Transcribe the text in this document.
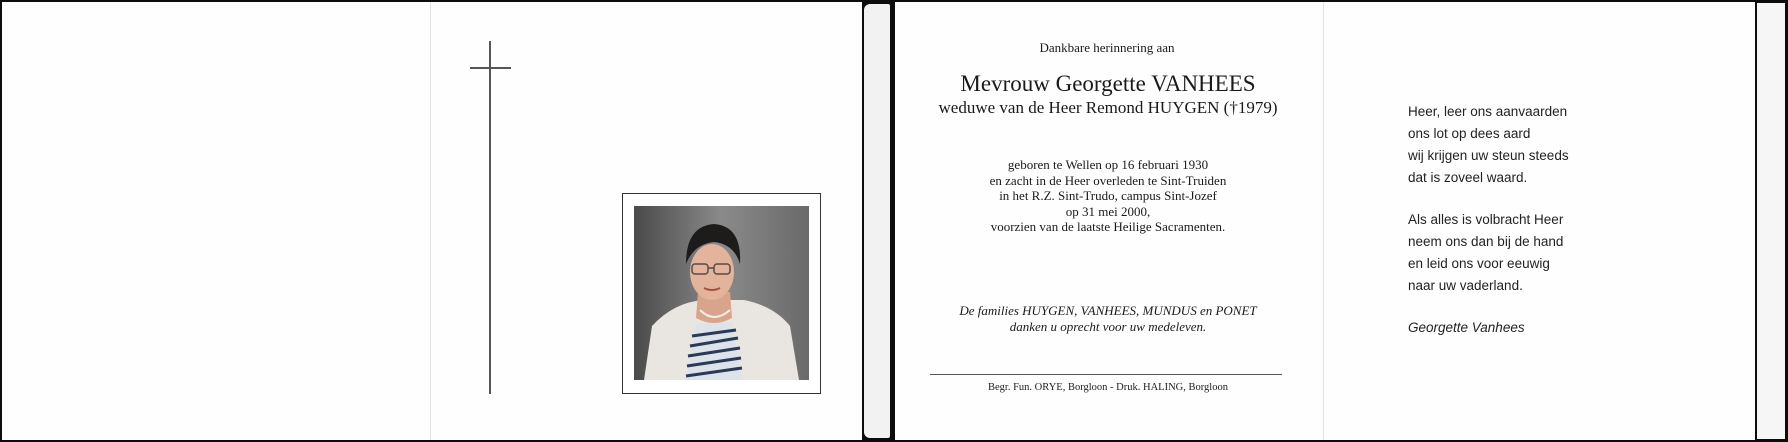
Dankbare herinnering aan
Mevrouw Georgette VANHEES
weduwe van de Heer Remond HUYGEN (†1979)
geboren te Wellen op 16 februari 1930
en zacht in de Heer overleden te Sint-Truiden
in het R.Z. Sint-Trudo, campus Sint-Jozef
op 31 mei 2000,
voorzien van de laatste Heilige Sacramenten.
De families HUYGEN, VANHEES, MUNDUS en PONET
danken u oprecht voor uw medeleven.
Begr. Fun. ORYE, Borgloon - Druk. HALING, Borgloon
Heer, leer ons aanvaarden
ons lot op dees aard
wij krijgen uw steun steeds
dat is zoveel waard.
Als alles is volbracht Heer
neem ons dan bij de hand
en leid ons voor eeuwig
naar uw vaderland.
Georgette Vanhees
